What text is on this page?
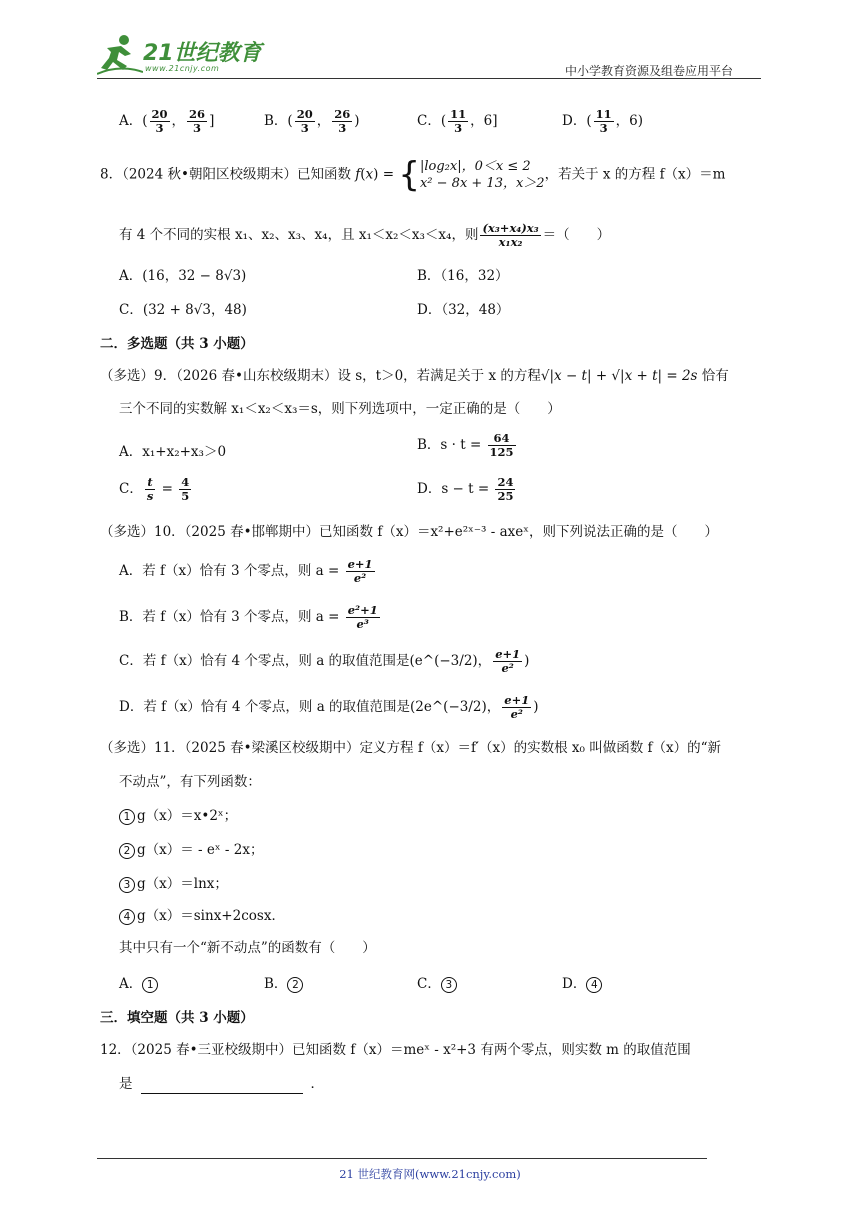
21世纪教育
www.21cnjy.com	中小学教育资源及组卷应用平台
A．( $\frac{20}{3}$ ， $\frac{26}{3}$ ]	B．( $\frac{20}{3}$ ， $\frac{26}{3}$ )	C．( $\frac{11}{3}$ ，6]	D．( $\frac{11}{3}$ ，6)
8．（2024 秋•朝阳区校级期末）已知函数 f(x) = { |log₂x|，0＜x ≤ 2
x² − 8x + 13，x＞2
，若关于 x 的方程 f（x）＝m
有 4 个不同的实根 x₁、x₂、x₃、x₄，且 x₁＜x₂＜x₃＜x₄，则 $\frac{\text{(x₃+x₄)x₃}}{\text{x₁x₂}}$ ＝（　　）
A．(16，32 − 8√3)	B．（16，32）
C．(32 + 8√3，48)	D．（32，48）
二．多选题（共 3 小题）
（多选）9．（2026 春•山东校级期末）设 s，t＞0，若满足关于 x 的方程√|x − t| + √|x + t| = 2s 恰有
三个不同的实数解 x₁＜x₂＜x₃＝s，则下列选项中，一定正确的是（　　）
A．x₁+x₂+x₃＞0	B．$s \cdot t = \frac{64}{125}$
C． $\frac{t}{s} = \frac{4}{5}$	D．$s - t = \frac{24}{25}$
（多选）10．（2025 春•邯郸期中）已知函数 f（x）＝x²+e²ˣ⁻³ - axeˣ，则下列说法正确的是（　　）
A．若 f（x）恰有 3 个零点，则 $a = \frac{e+1}{\text{e²}}$
B．若 f（x）恰有 3 个零点，则 $a = \frac{\text{e²+1}}{\text{e³}}$
C．若 f（x）恰有 4 个零点，则 a 的取值范围是(e^(−3/2)， $\frac{e+1}{\text{e²}}$ )
D．若 f（x）恰有 4 个零点，则 a 的取值范围是(2e^(−3/2)， $\frac{e+1}{\text{e²}}$ )
（多选）11．（2025 春•梁溪区校级期中）定义方程 f（x）＝f′（x）的实数根 x₀ 叫做函数 f（x）的“新
不动点”，有下列函数：
1 g（x）＝x•2ˣ；
2 g（x）＝ - eˣ - 2x；
3 g（x）＝lnx；
4 g（x）＝sinx+2cosx．
其中只有一个“新不动点”的函数有（　　）
A． 1	B． 2	C． 3	D． 4
三．填空题（共 3 小题）
12．（2025 春•三亚校级期中）已知函数 f（x）＝meˣ - x²+3 有两个零点，则实数 m 的取值范围
是	．
21 世纪教育网(www.21cnjy.com)
